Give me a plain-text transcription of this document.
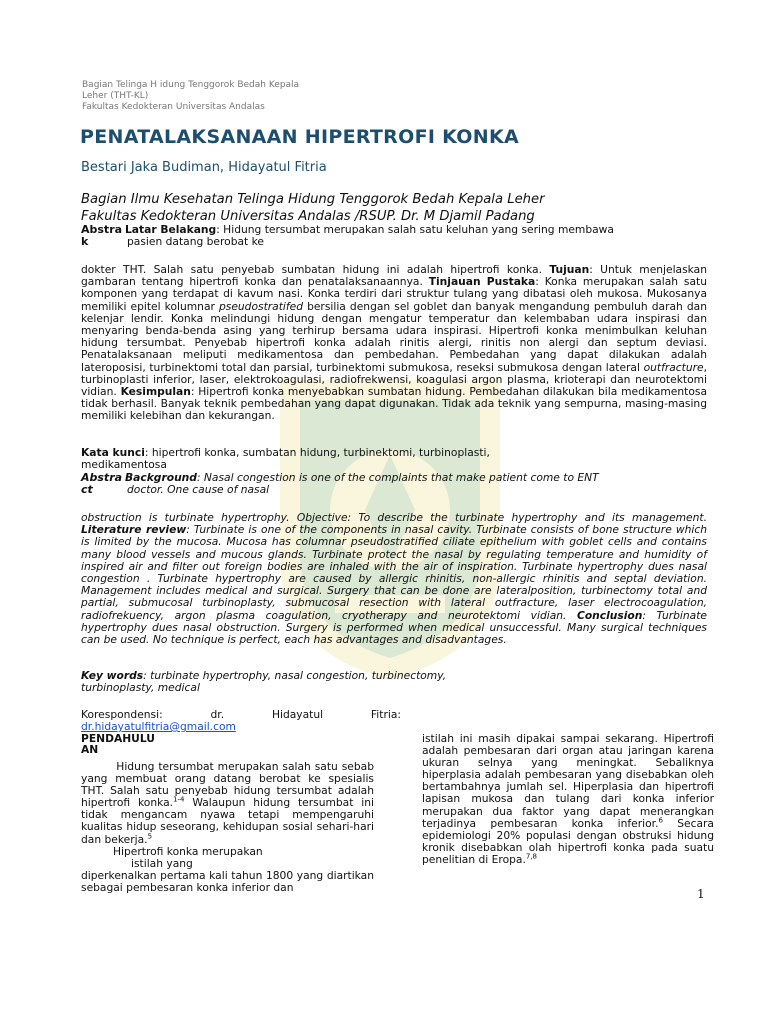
Bagian Telinga H idung Tenggorok Bedah Kepala
Leher (THT-KL)
Fakultas Kedokteran Universitas Andalas
PENATALAKSANAAN HIPERTROFI KONKA
Bestari Jaka Budiman, Hidayatul Fitria
Bagian Ilmu Kesehatan Telinga Hidung Tenggorok Bedah Kepala Leher
Fakultas Kedokteran Universitas Andalas /RSUP. Dr. M Djamil Padang
Abstra
k
Latar Belakang: Hidung tersumbat merupakan salah satu keluhan yang sering membawa
pasien datang berobat ke
dokter THT. Salah satu penyebab sumbatan hidung ini adalah hipertrofi konka. Tujuan: Untuk menjelaskan gambaran tentang hipertrofi konka dan penatalaksanaannya. Tinjauan Pustaka: Konka merupakan salah satu komponen yang terdapat di kavum nasi. Konka terdiri dari struktur tulang yang dibatasi oleh mukosa. Mukosanya memiliki epitel kolumnar pseudostratifed bersilia dengan sel goblet dan banyak mengandung pembuluh darah dan kelenjar lendir. Konka melindungi hidung dengan mengatur temperatur dan kelembaban udara inspirasi dan menyaring benda-benda asing yang terhirup bersama udara inspirasi. Hipertrofi konka menimbulkan keluhan hidung tersumbat. Penyebab hipertrofi konka adalah rinitis alergi, rinitis non alergi dan septum deviasi. Penatalaksanaan meliputi medikamentosa dan pembedahan. Pembedahan yang dapat dilakukan adalah lateroposisi, turbinektomi total dan parsial, turbinektomi submukosa, reseksi submukosa dengan lateral outfracture, turbinoplasti inferior, laser, elektrokoagulasi, radiofrekwensi, koagulasi argon plasma, krioterapi dan neurotektomi vidian. Kesimpulan: Hipertrofi konka menyebabkan sumbatan hidung. Pembedahan dilakukan bila medikamentosa tidak berhasil. Banyak teknik pembedahan yang dapat digunakan. Tidak ada teknik yang sempurna, masing-masing memiliki kelebihan dan kekurangan.
Kata kunci: hipertrofi konka, sumbatan hidung, turbinektomi, turbinoplasti, medikamentosa
Abstra
ct
Background: Nasal congestion is one of the complaints that make patient come to ENT
doctor. One cause of nasal
obstruction is turbinate hypertrophy. Objective: To describe the turbinate hypertrophy and its management. Literature review: Turbinate is one of the components in nasal cavity. Turbinate consists of bone structure which is limited by the mucosa. Mucosa has columnar pseudostratified ciliate epithelium with goblet cells and contains many blood vessels and mucous glands. Turbinate protect the nasal by regulating temperature and humidity of inspired air and filter out foreign bodies are inhaled with the air of inspiration. Turbinate hypertrophy dues nasal congestion . Turbinate hypertrophy are caused by allergic rhinitis, non-allergic rhinitis and septal deviation. Management includes medical and surgical. Surgery that can be done are lateralposition, turbinectomy total and partial, submucosal turbinoplasty, submucosal resection with lateral outfracture, laser electrocoagulation, radiofrekuency, argon plasma coagulation, cryotherapy and neurotektomi vidian. Conclusion: Turbinate hypertrophy dues nasal obstruction. Surgery is performed when medical unsuccessful. Many surgical techniques can be used. No technique is perfect, each has advantages and disadvantages.
Key words: turbinate hypertrophy, nasal congestion, turbinectomy, turbinoplasty, medical
Korespondensi:	dr.	Hidayatul	Fitria:
dr.hidayatulfitria@gmail.com
PENDAHULU
AN
Hidung tersumbat merupakan salah satu sebab yang membuat orang datang berobat ke spesialis THT. Salah satu penyebab hidung tersumbat adalah hipertrofi konka.$^{1-4}$ Walaupun hidung tersumbat ini tidak mengancam nyawa tetapi mempengaruhi kualitas hidup seseorang, kehidupan sosial sehari-hari dan bekerja.$^5$
Hipertrofi konka merupakan
istilah yang
diperkenalkan pertama kali tahun 1800 yang diartikan sebagai pembesaran konka inferior dan
istilah ini masih dipakai sampai sekarang. Hipertrofi adalah pembesaran dari organ atau jaringan karena ukuran selnya yang meningkat. Sebaliknya hiperplasia adalah pembesaran yang disebabkan oleh bertambahnya jumlah sel. Hiperplasia dan hipertrofi lapisan mukosa dan tulang dari konka inferior merupakan dua faktor yang dapat menerangkan terjadinya pembesaran konka inferior.$^6$ Secara epidemiologi 20% populasi dengan obstruksi hidung kronik disebabkan olah hipertrofi konka pada suatu penelitian di Eropa.$^{7,8}$
1
